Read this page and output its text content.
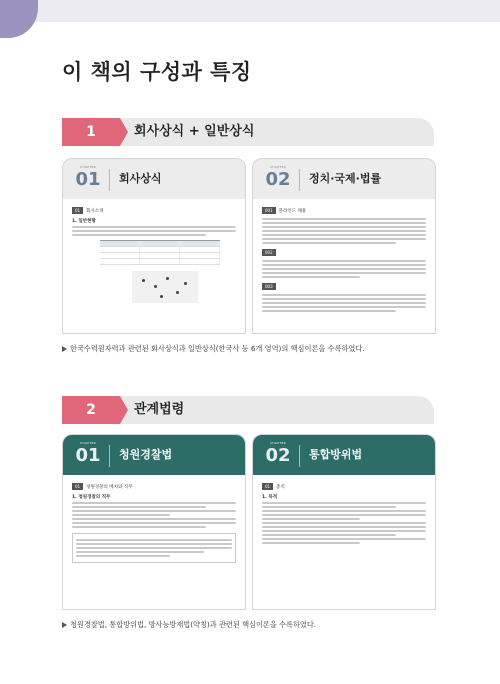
이 책의 구성과 특징
1	회사상식 + 일반상식
CHAPTER
01	회사상식
01 회사소개
1. 일반현황
CHAPTER
02	정치·국제·법률
001 블라인드 채용
002
003
한국수력원자력과 관련된 회사상식과 일반상식(한국사 등 6개 영역)의 핵심이론을 수록하였다.
2	관계법령
CHAPTER
01	청원경찰법
01 청원경찰의 배치와 직무
1. 청원경찰의 직무
CHAPTER
02	통합방위법
01 총칙
1. 목적
청원경찰법, 통합방위법, 방사능방재법(약칭)과 관련된 핵심이론을 수록하였다.
